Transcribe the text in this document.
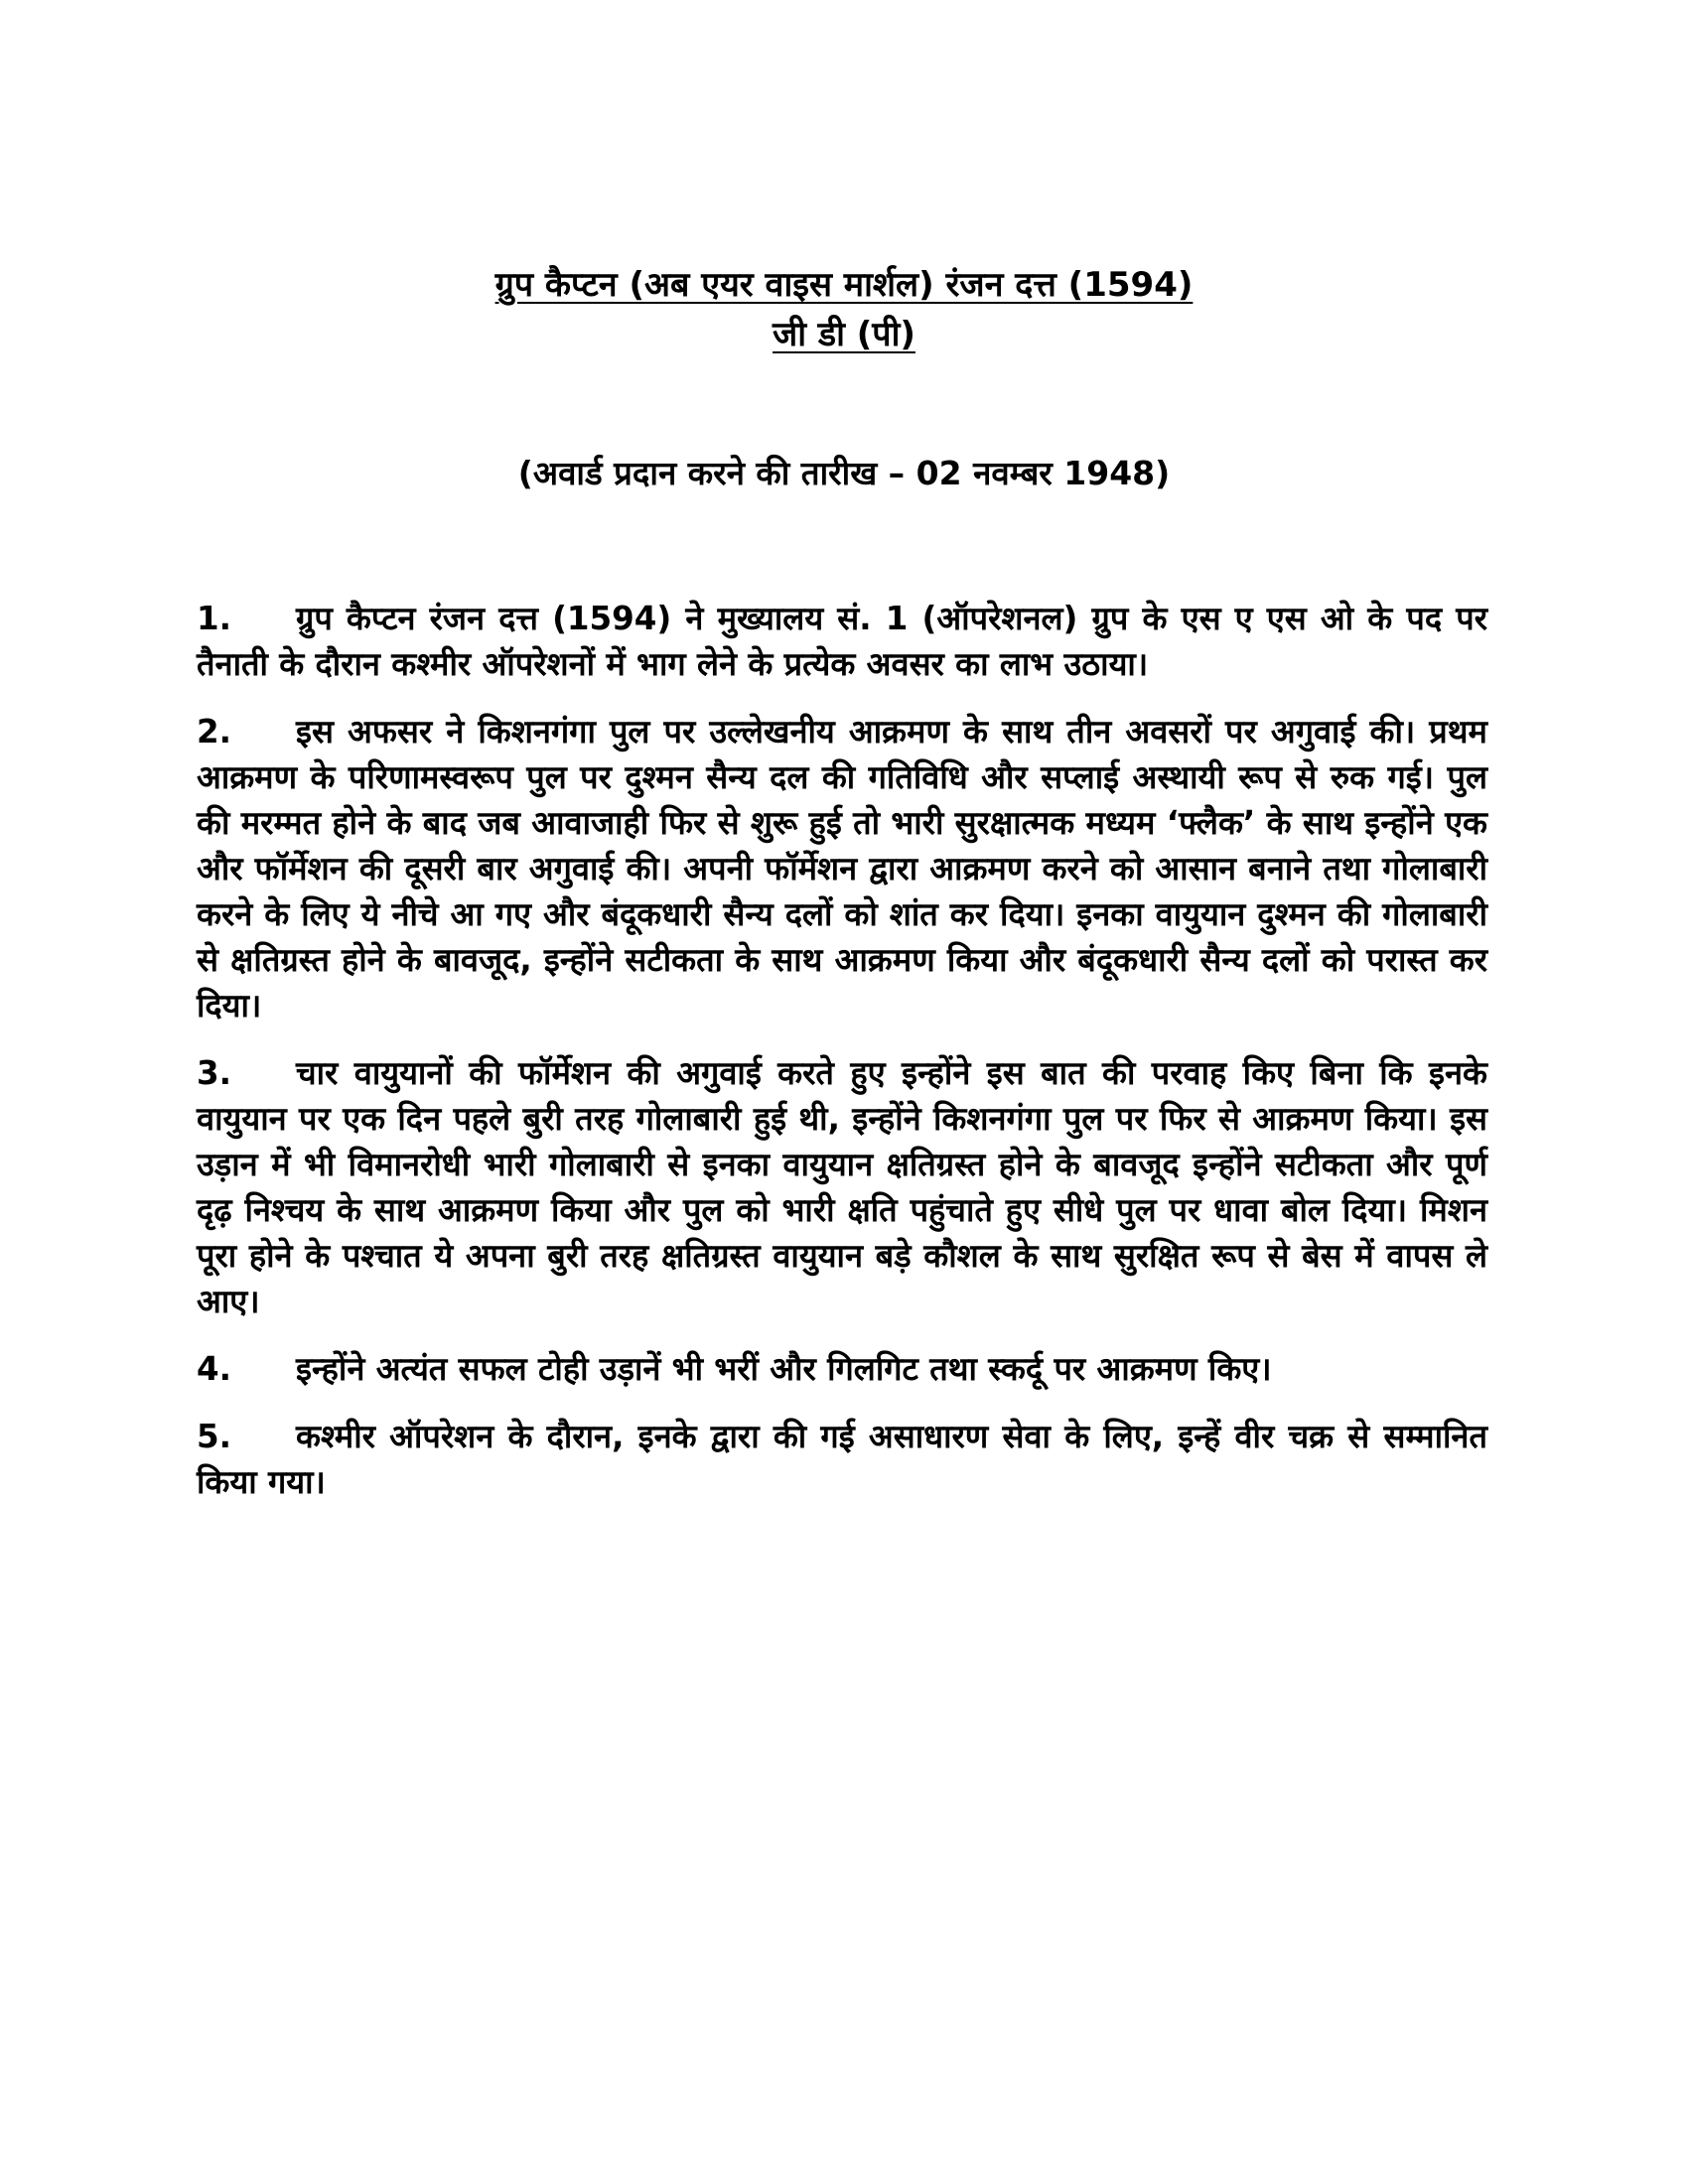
ग्रुप कैप्टन (अब एयर वाइस मार्शल) रंजन दत्त (1594)
जी डी (पी)
(अवार्ड प्रदान करने की तारीख – 02 नवम्बर 1948)

1. ग्रुप कैप्टन रंजन दत्त (1594) ने मुख्यालय सं. 1 (ऑपरेशनल) ग्रुप के एस ए एस ओ के पद पर तैनाती के दौरान कश्मीर ऑपरेशनों में भाग लेने के प्रत्येक अवसर का लाभ उठाया।

2. इस अफसर ने किशनगंगा पुल पर उल्लेखनीय आक्रमण के साथ तीन अवसरों पर अगुवाई की। प्रथम आक्रमण के परिणामस्वरूप पुल पर दुश्मन सैन्य दल की गतिविधि और सप्लाई अस्थायी रूप से रुक गई। पुल की मरम्मत होने के बाद जब आवाजाही फिर से शुरू हुई तो भारी सुरक्षात्मक मध्यम ‘फ्लैक’ के साथ इन्होंने एक और फॉर्मेशन की दूसरी बार अगुवाई की। अपनी फॉर्मेशन द्वारा आक्रमण करने को आसान बनाने तथा गोलाबारी करने के लिए ये नीचे आ गए और बंदूकधारी सैन्य दलों को शांत कर दिया। इनका वायुयान दुश्मन की गोलाबारी से क्षतिग्रस्त होने के बावजूद, इन्होंने सटीकता के साथ आक्रमण किया और बंदूकधारी सैन्य दलों को परास्त कर दिया।

3. चार वायुयानों की फॉर्मेशन की अगुवाई करते हुए इन्होंने इस बात की परवाह किए बिना कि इनके वायुयान पर एक दिन पहले बुरी तरह गोलाबारी हुई थी, इन्होंने किशनगंगा पुल पर फिर से आक्रमण किया। इस उड़ान में भी विमानरोधी भारी गोलाबारी से इनका वायुयान क्षतिग्रस्त होने के बावजूद इन्होंने सटीकता और पूर्ण दृढ़ निश्चय के साथ आक्रमण किया और पुल को भारी क्षति पहुंचाते हुए सीधे पुल पर धावा बोल दिया। मिशन पूरा होने के पश्चात ये अपना बुरी तरह क्षतिग्रस्त वायुयान बड़े कौशल के साथ सुरक्षित रूप से बेस में वापस ले आए।

4. इन्होंने अत्यंत सफल टोही उड़ानें भी भरीं और गिलगिट तथा स्कर्दू पर आक्रमण किए।

5. कश्मीर ऑपरेशन के दौरान, इनके द्वारा की गई असाधारण सेवा के लिए, इन्हें वीर चक्र से सम्मानित किया गया।
